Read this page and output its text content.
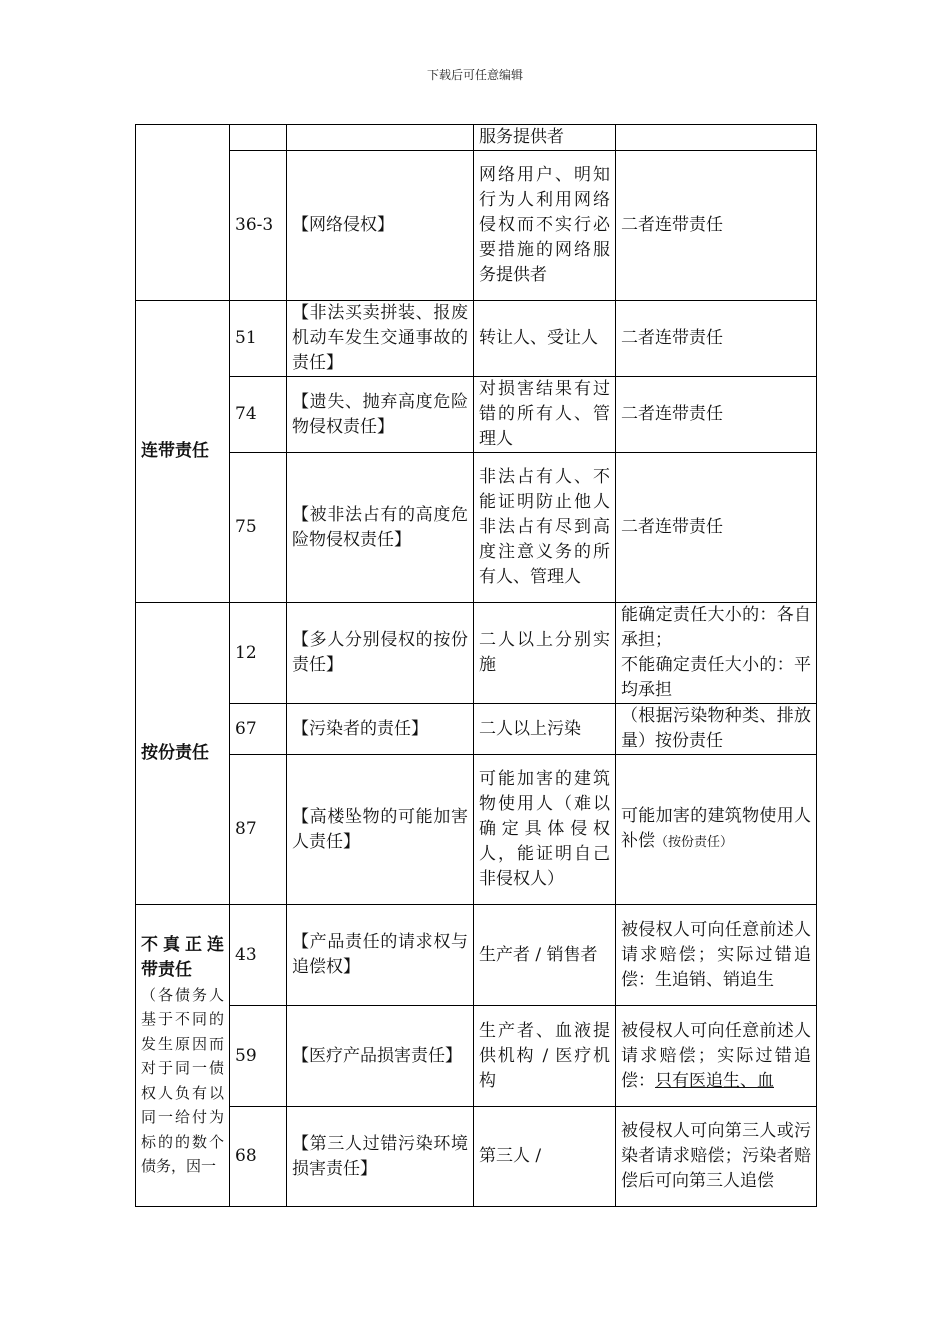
下载后可任意编辑
			服务提供者	
	36-3	【网络侵权】	网络用户、明知行为人利用网络侵权而不实行必要措施的网络服务提供者	二者连带责任
连带责任	51	【非法买卖拼装、报废机动车发生交通事故的责任】	转让人、受让人	二者连带责任
	74	【遗失、抛弃高度危险物侵权责任】	对损害结果有过错的所有人、管理人	二者连带责任
	75	【被非法占有的高度危险物侵权责任】	非法占有人、不能证明防止他人非法占有尽到高度注意义务的所有人、管理人	二者连带责任
按份责任	12	【多人分别侵权的按份责任】	二人以上分别实施	能确定责任大小的：各自承担；
不能确定责任大小的：平均承担
	67	【污染者的责任】	二人以上污染	（根据污染物种类、排放量）按份责任
	87	【高楼坠物的可能加害人责任】	可能加害的建筑物使用人（难以确定具体侵权人，能证明自己非侵权人）	可能加害的建筑物使用人补偿（按份责任）
不真正连带责任
（各债务人基于不同的发生原因而对于同一债权人负有以同一给付为标的的数个债务，因一	43	【产品责任的请求权与追偿权】	生产者 / 销售者	被侵权人可向任意前述人请求赔偿；实际过错追偿：生追销、销追生
	59	【医疗产品损害责任】	生产者、血液提供机构 / 医疗机构	被侵权人可向任意前述人请求赔偿；实际过错追偿：只有医追生、血
	68	【第三人过错污染环境损害责任】	第三人 /	被侵权人可向第三人或污染者请求赔偿；污染者赔偿后可向第三人追偿
